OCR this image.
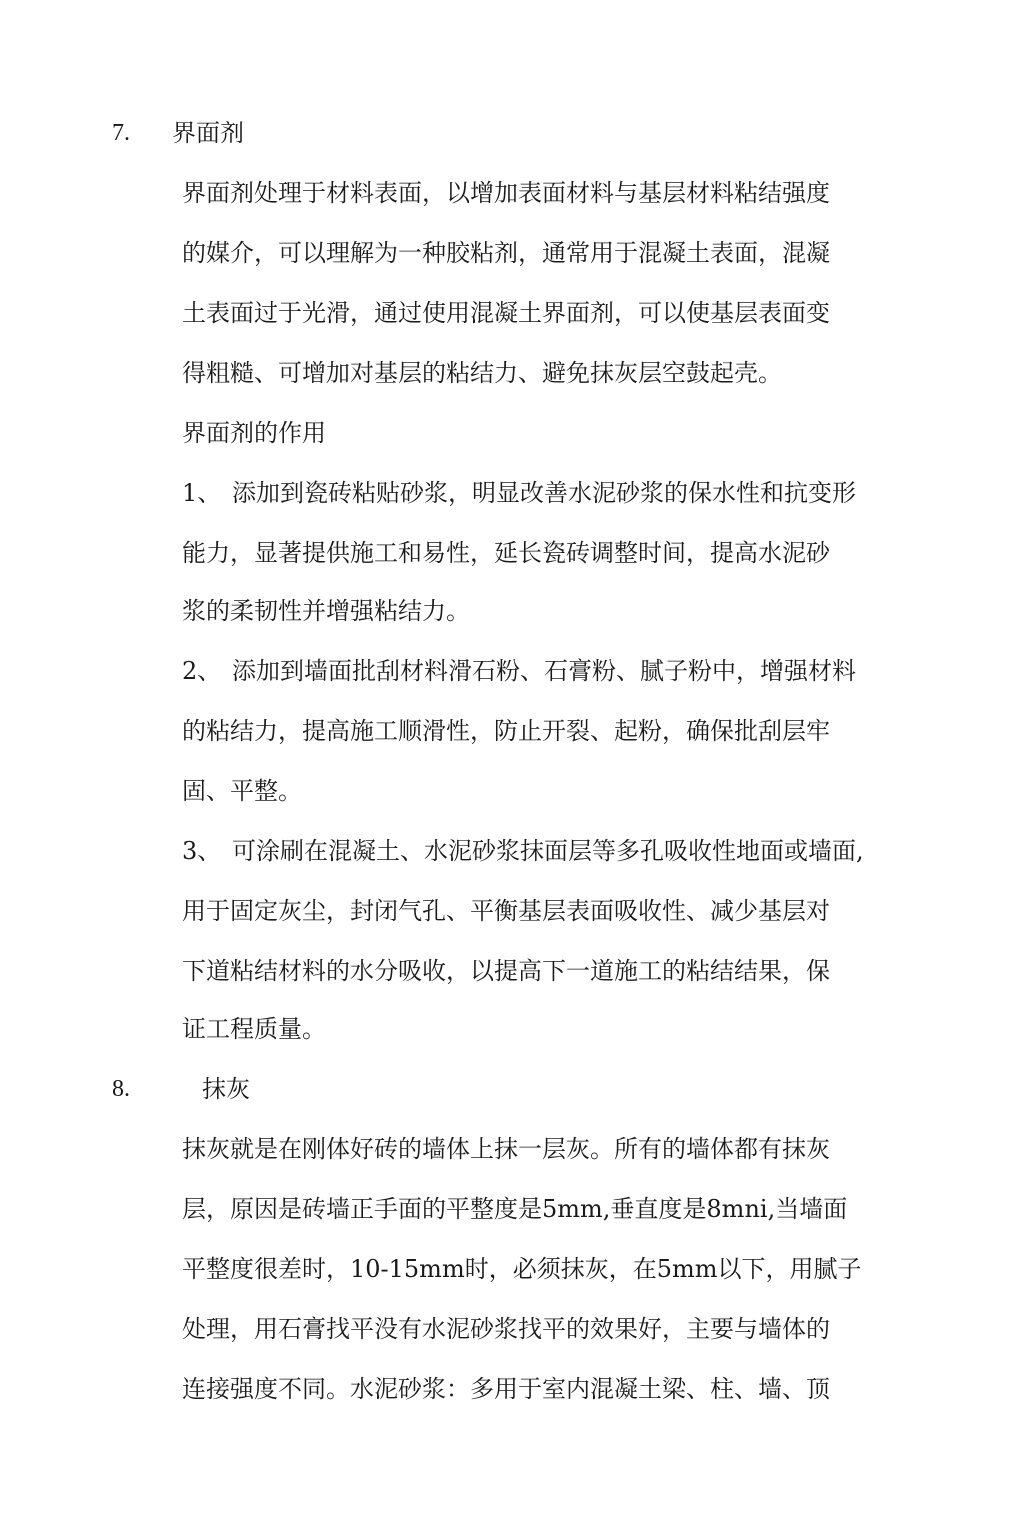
7. 界面剂
界面剂处理于材料表面，以增加表面材料与基层材料粘结强度
的媒介，可以理解为一种胶粘剂，通常用于混凝土表面，混凝
土表面过于光滑，通过使用混凝土界面剂，可以使基层表面变
得粗糙、可增加对基层的粘结力、避免抹灰层空鼓起壳。
界面剂的作用
1、 添加到瓷砖粘贴砂浆，明显改善水泥砂浆的保水性和抗变形
能力，显著提供施工和易性，延长瓷砖调整时间，提高水泥砂
浆的柔韧性并增强粘结力。
2、 添加到墙面批刮材料滑石粉、石膏粉、腻子粉中，增强材料
的粘结力，提高施工顺滑性，防止开裂、起粉，确保批刮层牢
固、平整。
3、 可涂刷在混凝土、水泥砂浆抹面层等多孔吸收性地面或墙面,
用于固定灰尘，封闭气孔、平衡基层表面吸收性、减少基层对
下道粘结材料的水分吸收，以提高下一道施工的粘结结果，保
证工程质量。
8.	抹灰
抹灰就是在刚体好砖的墙体上抹一层灰。所有的墙体都有抹灰
层，原因是砖墙正手面的平整度是5mm,垂直度是8mni,当墙面
平整度很差时，10-15mm时，必须抹灰，在5mm以下，用腻子
处理，用石膏找平没有水泥砂浆找平的效果好，主要与墙体的
连接强度不同。水泥砂浆：多用于室内混凝土梁、柱、墙、顶
